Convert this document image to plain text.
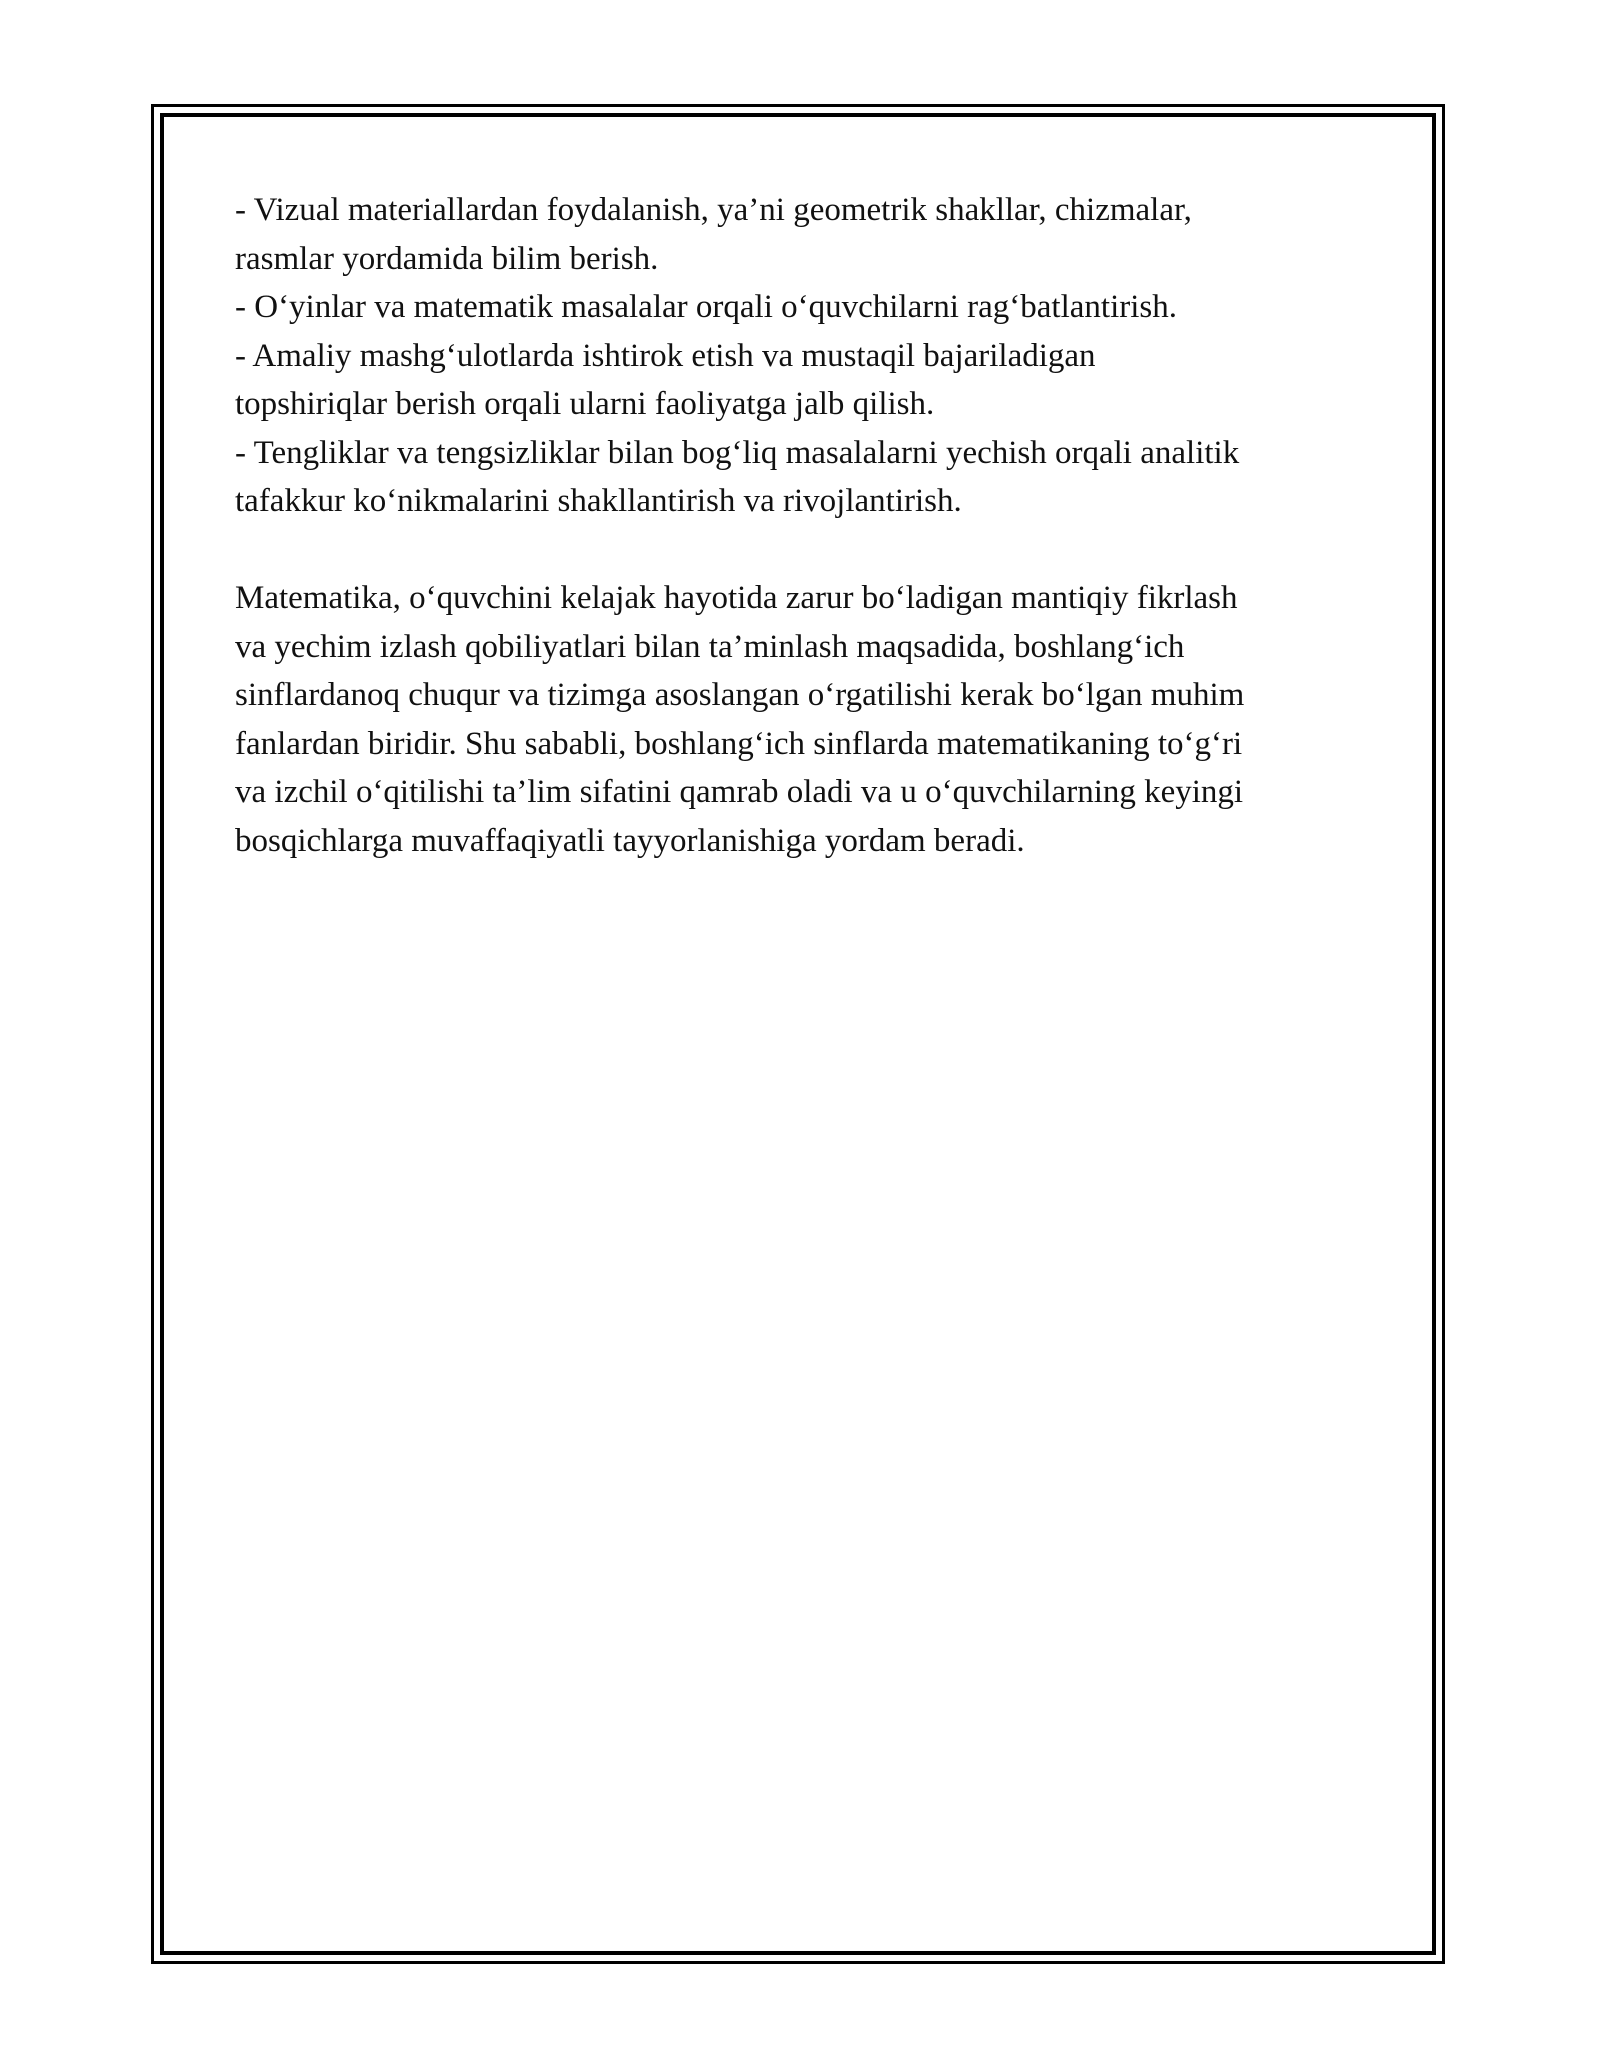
- Vizual materiallardan foydalanish, ya’ni geometrik shakllar, chizmalar,
rasmlar yordamida bilim berish.
- O‘yinlar va matematik masalalar orqali o‘quvchilarni rag‘batlantirish.
- Amaliy mashg‘ulotlarda ishtirok etish va mustaqil bajariladigan
topshiriqlar berish orqali ularni faoliyatga jalb qilish.
- Tengliklar va tengsizliklar bilan bog‘liq masalalarni yechish orqali analitik
tafakkur ko‘nikmalarini shakllantirish va rivojlantirish.
Matematika, o‘quvchini kelajak hayotida zarur bo‘ladigan mantiqiy fikrlash
va yechim izlash qobiliyatlari bilan ta’minlash maqsadida, boshlang‘ich
sinflardanoq chuqur va tizimga asoslangan o‘rgatilishi kerak bo‘lgan muhim
fanlardan biridir. Shu sababli, boshlang‘ich sinflarda matematikaning to‘g‘ri
va izchil o‘qitilishi ta’lim sifatini qamrab oladi va u o‘quvchilarning keyingi
bosqichlarga muvaffaqiyatli tayyorlanishiga yordam beradi.
